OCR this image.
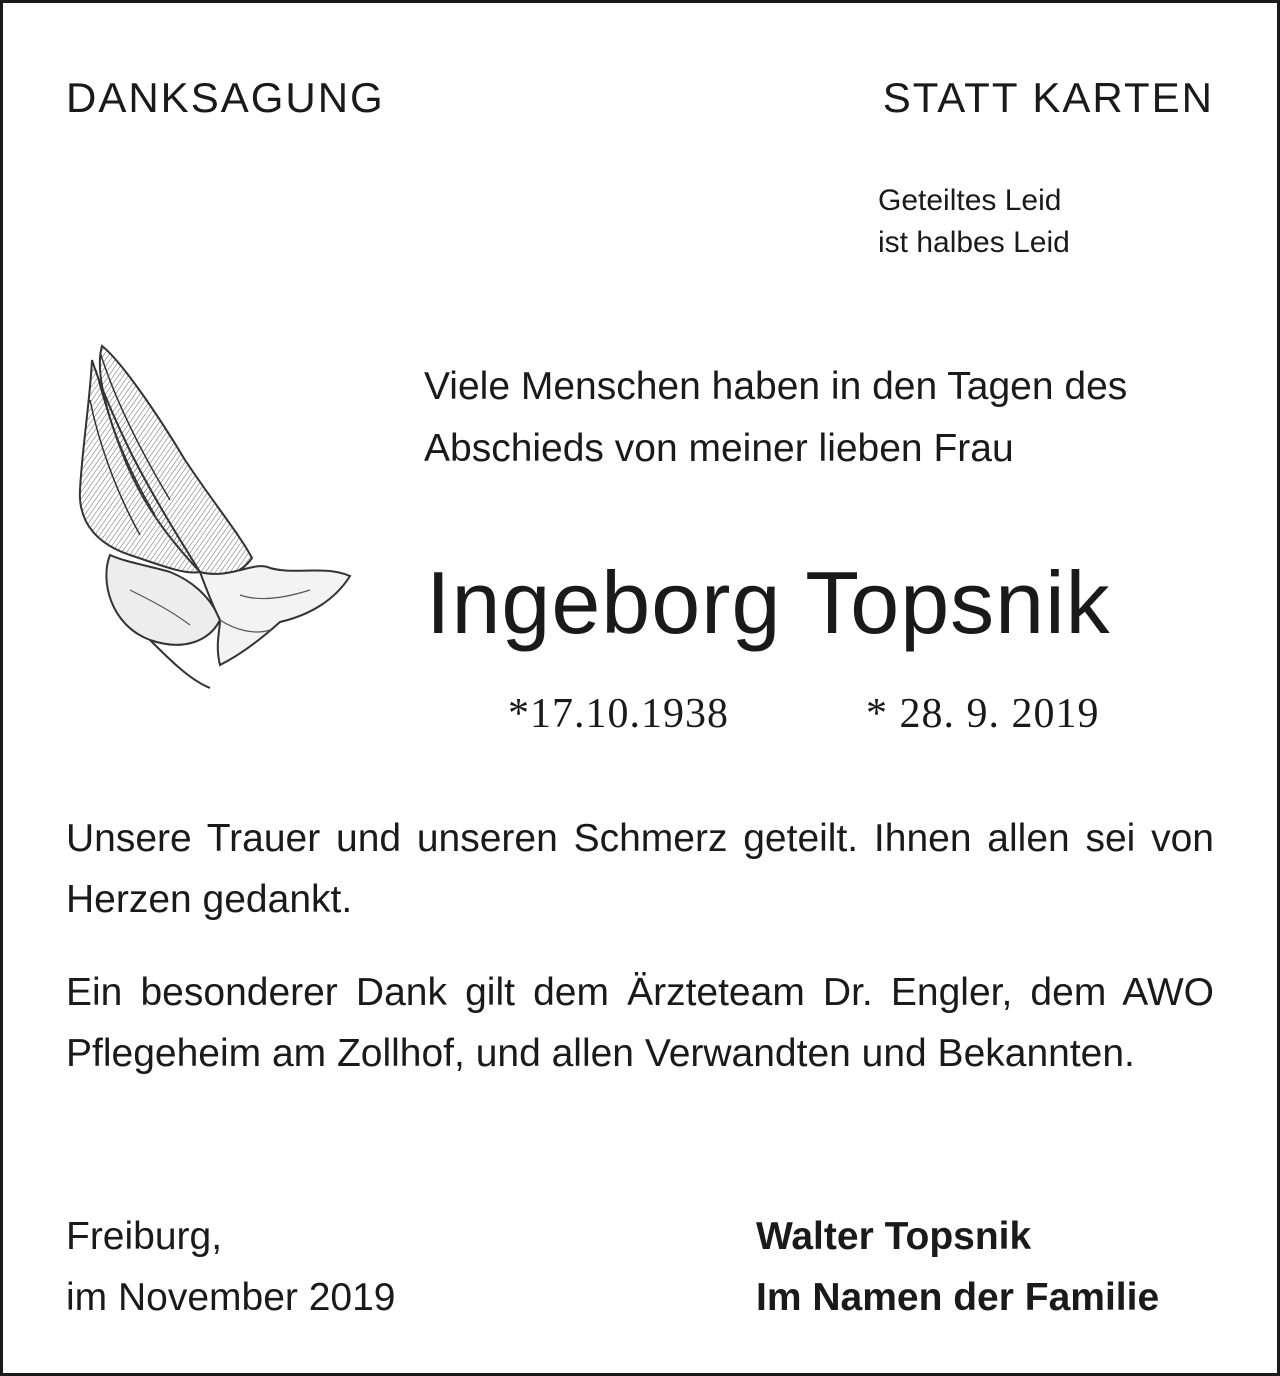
DANKSAGUNG	STATT KARTEN
Geteiltes Leid
ist halbes Leid
Viele Menschen haben in den Tagen des
Abschieds von meiner lieben Frau
Ingeborg Topsnik
*17.10.1938	* 28. 9. 2019
Unsere Trauer und unseren Schmerz geteilt. Ihnen allen sei von Herzen gedankt.
Ein besonderer Dank gilt dem Ärzteteam Dr. Engler, dem AWO Pflegeheim am Zollhof, und allen Verwandten und Bekannten.
Freiburg,
im November 2019
Walter Topsnik
Im Namen der Familie
